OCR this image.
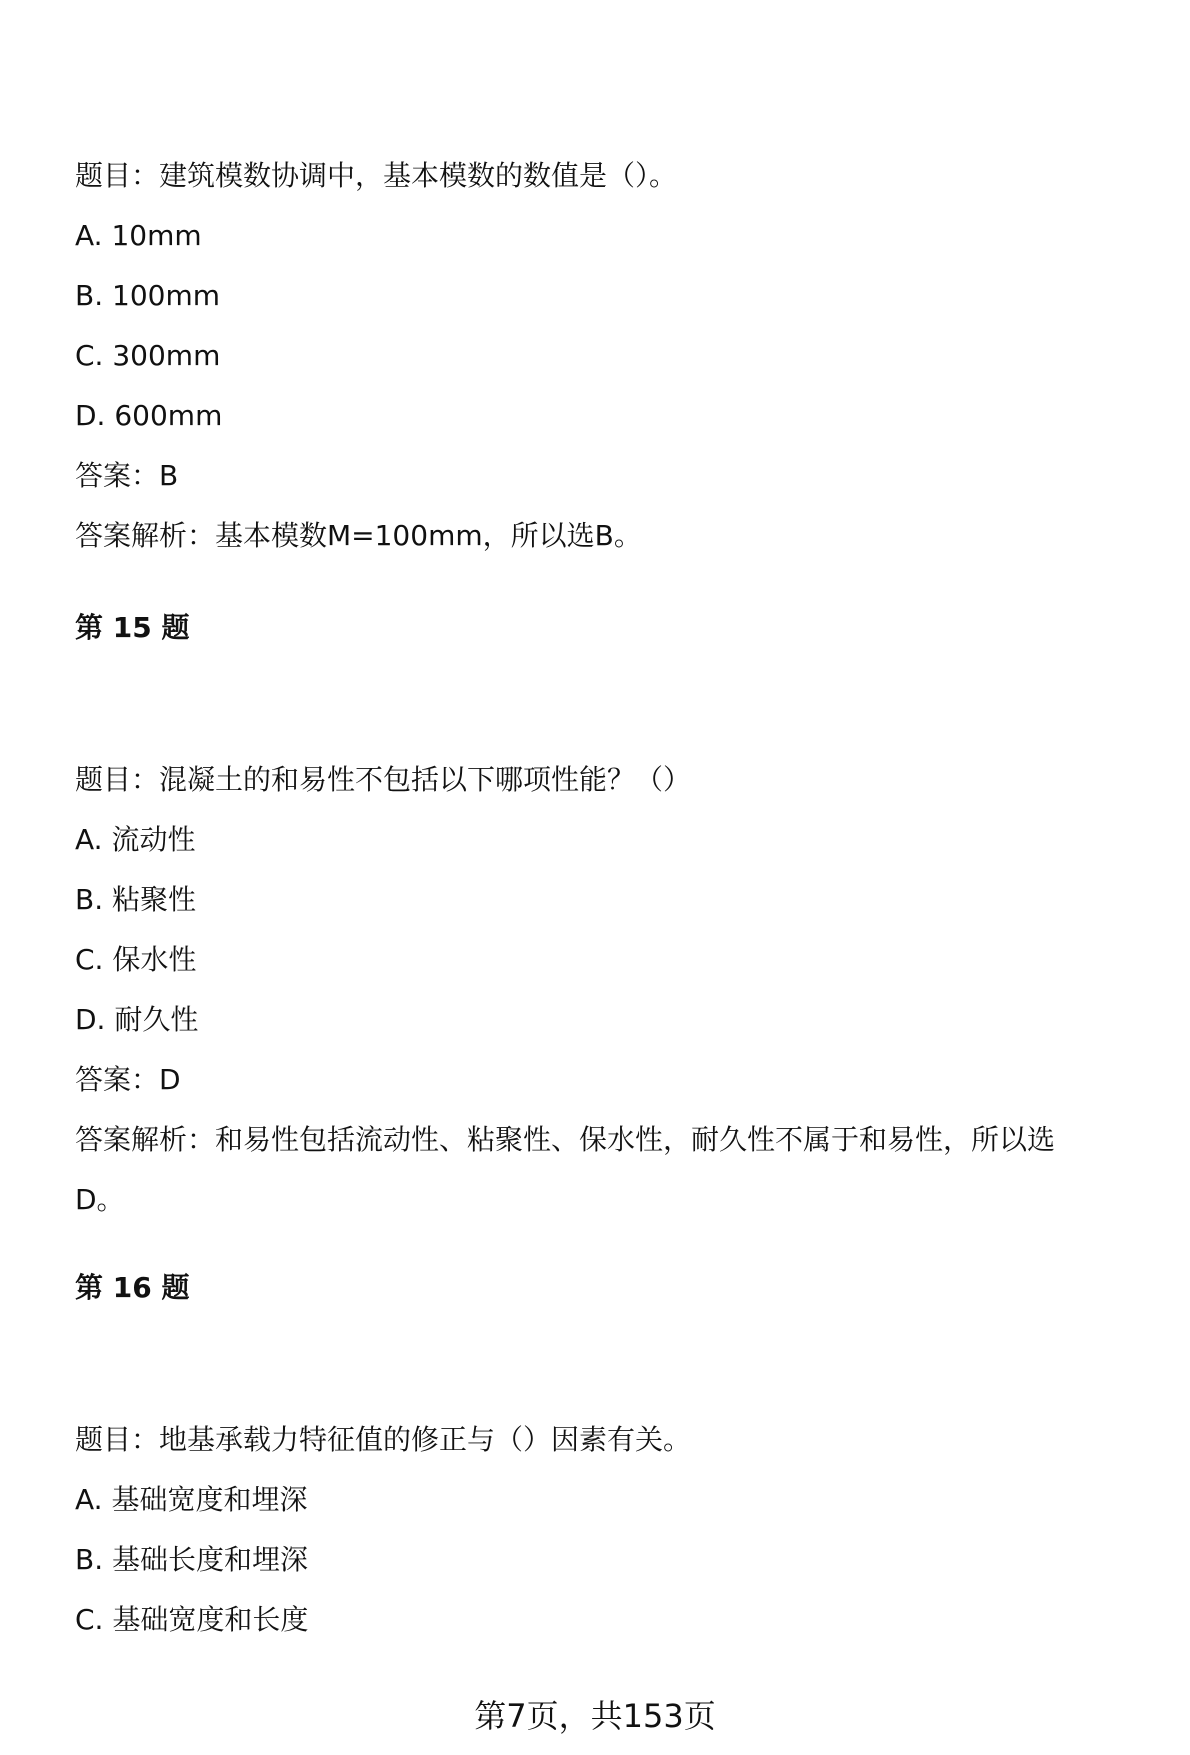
题目：建筑模数协调中，基本模数的数值是（）。

A. 10mm

B. 100mm

C. 300mm

D. 600mm

答案：B

答案解析：基本模数M=100mm，所以选B。

第 15 题

题目：混凝土的和易性不包括以下哪项性能？（）

A. 流动性

B. 粘聚性

C. 保水性

D. 耐久性

答案：D

答案解析：和易性包括流动性、粘聚性、保水性，耐久性不属于和易性，所以选

D。

第 16 题

题目：地基承载力特征值的修正与（）因素有关。

A. 基础宽度和埋深

B. 基础长度和埋深

C. 基础宽度和长度

第7页，共153页
